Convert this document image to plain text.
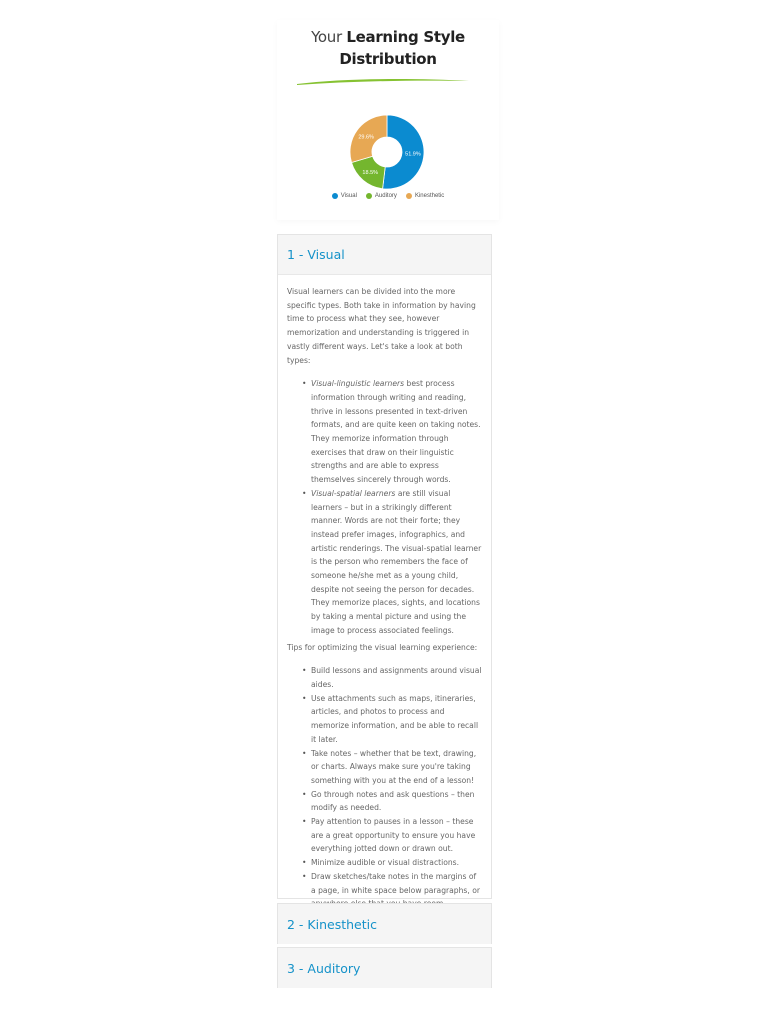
Your Learning Style
Distribution
51.9%
18.5%
29.6%
Visual	Auditory	Kinesthetic
1 - Visual

Visual learners can be divided into the more specific types. Both take in information by having time to process what they see, however memorization and understanding is triggered in vastly different ways. Let's take a look at both types:

• Visual-linguistic learners best process information through writing and reading, thrive in lessons presented in text-driven formats, and are quite keen on taking notes. They memorize information through exercises that draw on their linguistic strengths and are able to express themselves sincerely through words.
• Visual-spatial learners are still visual learners – but in a strikingly different manner. Words are not their forte; they instead prefer images, infographics, and artistic renderings. The visual-spatial learner is the person who remembers the face of someone he/she met as a young child, despite not seeing the person for decades. They memorize places, sights, and locations by taking a mental picture and using the image to process associated feelings.

Tips for optimizing the visual learning experience:

• Build lessons and assignments around visual aides.
• Use attachments such as maps, itineraries, articles, and photos to process and memorize information, and be able to recall it later.
• Take notes – whether that be text, drawing, or charts. Always make sure you're taking something with you at the end of a lesson!
• Go through notes and ask questions – then modify as needed.
• Pay attention to pauses in a lesson – these are a great opportunity to ensure you have everything jotted down or drawn out.
• Minimize audible or visual distractions.
• Draw sketches/take notes in the margins of a page, in white space below paragraphs, or
2 - Kinesthetic
3 - Auditory
